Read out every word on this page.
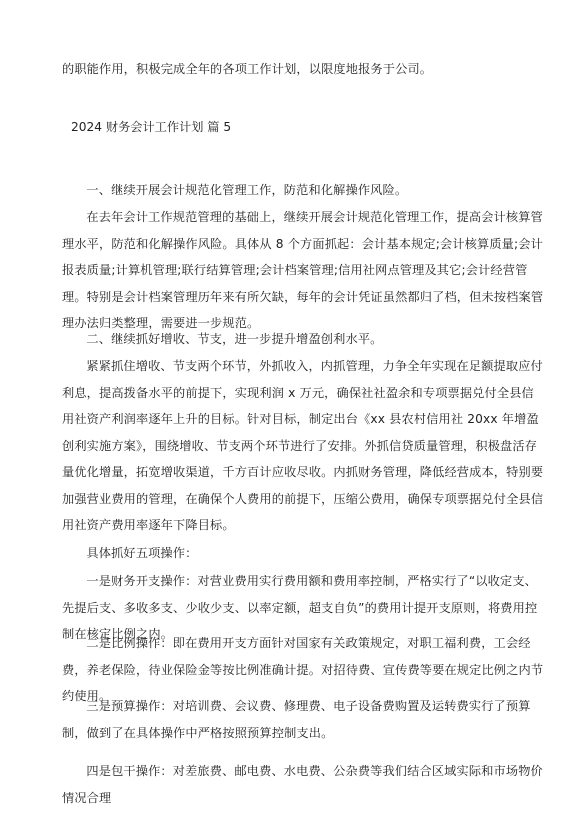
的职能作用，积极完成全年的各项工作计划，以限度地报务于公司。

2024 财务会计工作计划 篇 5

一、继续开展会计规范化管理工作，防范和化解操作风险。

在去年会计工作规范管理的基础上，继续开展会计规范化管理工作，提高会计核算管理水平，防范和化解操作风险。具体从 8 个方面抓起：会计基本规定;会计核算质量;会计报表质量;计算机管理;联行结算管理;会计档案管理;信用社网点管理及其它;会计经营管理。特别是会计档案管理历年来有所欠缺，每年的会计凭证虽然都归了档，但未按档案管理办法归类整理，需要进一步规范。

二、继续抓好增收、节支，进一步提升增盈创利水平。

紧紧抓住增收、节支两个环节，外抓收入，内抓管理，力争全年实现在足额提取应付利息，提高拨备水平的前提下，实现利润 x 万元，确保社社盈余和专项票据兑付全县信用社资产利润率逐年上升的目标。针对目标，制定出台《xx 县农村信用社 20xx 年增盈创利实施方案》，围绕增收、节支两个环节进行了安排。外抓信贷质量管理，积极盘活存量优化增量，拓宽增收渠道，千方百计应收尽收。内抓财务管理，降低经营成本，特别要加强营业费用的管理，在确保个人费用的前提下，压缩公费用，确保专项票据兑付全县信用社资产费用率逐年下降目标。

具体抓好五项操作：

一是财务开支操作：对营业费用实行费用额和费用率控制，严格实行了“以收定支、先提后支、多收多支、少收少支、以率定额，超支自负”的费用计提开支原则，将费用控制在核定比例之内。

二是比例操作：即在费用开支方面针对国家有关政策规定，对职工福利费，工会经费，养老保险，待业保险金等按比例准确计提。对招待费、宣传费等要在规定比例之内节约使用。

三是预算操作：对培训费、会议费、修理费、电子设备费购置及运转费实行了预算制，做到了在具体操作中严格按照预算控制支出。

四是包干操作：对差旅费、邮电费、水电费、公杂费等我们结合区域实际和市场物价情况合理
